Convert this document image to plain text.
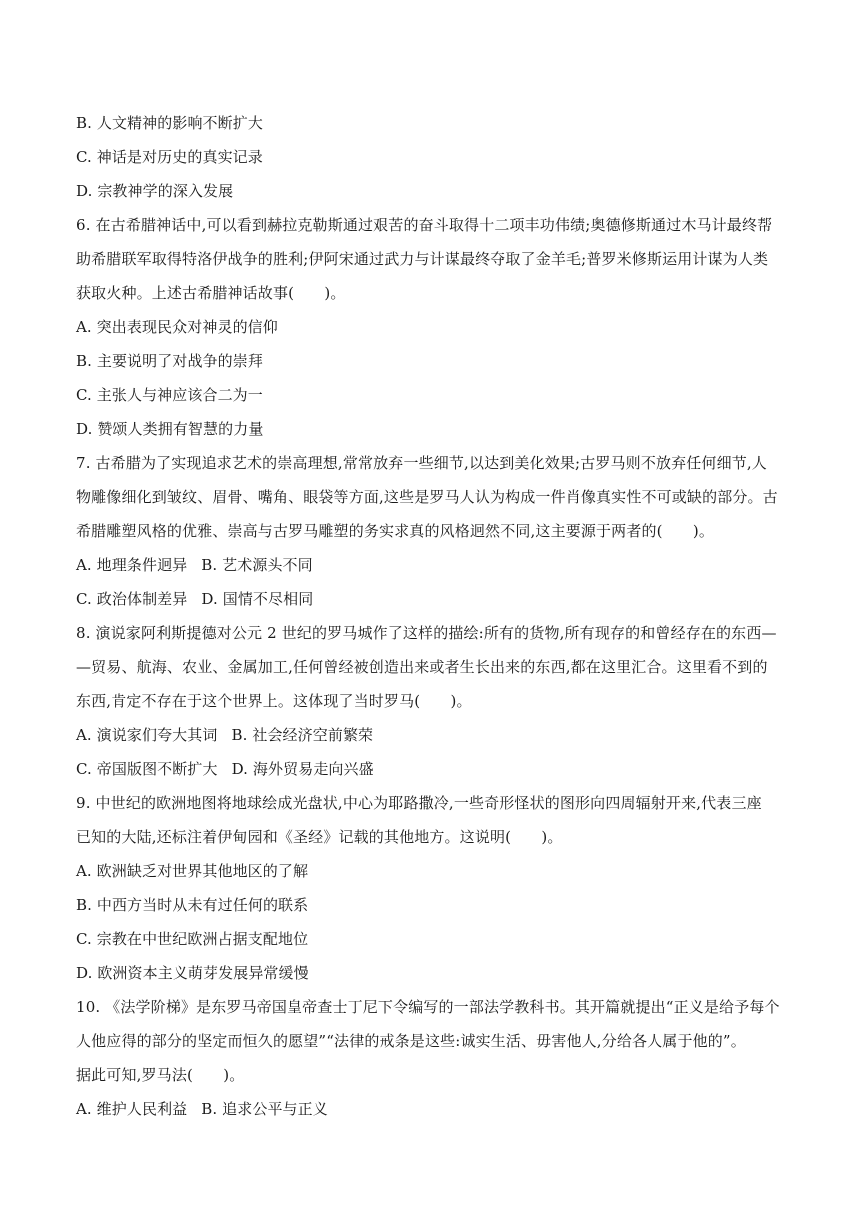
B. 人文精神的影响不断扩大
C. 神话是对历史的真实记录
D. 宗教神学的深入发展
6. 在古希腊神话中,可以看到赫拉克勒斯通过艰苦的奋斗取得十二项丰功伟绩;奥德修斯通过木马计最终帮
助希腊联军取得特洛伊战争的胜利;伊阿宋通过武力与计谋最终夺取了金羊毛;普罗米修斯运用计谋为人类
获取火种。上述古希腊神话故事(　　)。
A. 突出表现民众对神灵的信仰
B. 主要说明了对战争的崇拜
C. 主张人与神应该合二为一
D. 赞颂人类拥有智慧的力量
7. 古希腊为了实现追求艺术的崇高理想,常常放弃一些细节,以达到美化效果;古罗马则不放弃任何细节,人
物雕像细化到皱纹、眉骨、嘴角、眼袋等方面,这些是罗马人认为构成一件肖像真实性不可或缺的部分。古
希腊雕塑风格的优雅、崇高与古罗马雕塑的务实求真的风格迥然不同,这主要源于两者的(　　)。
A. 地理条件迥异 B. 艺术源头不同
C. 政治体制差异 D. 国情不尽相同
8. 演说家阿利斯提德对公元 2 世纪的罗马城作了这样的描绘:所有的货物,所有现存的和曾经存在的东西—
—贸易、航海、农业、金属加工,任何曾经被创造出来或者生长出来的东西,都在这里汇合。这里看不到的
东西,肯定不存在于这个世界上。这体现了当时罗马(　　)。
A. 演说家们夸大其词 B. 社会经济空前繁荣
C. 帝国版图不断扩大 D. 海外贸易走向兴盛
9. 中世纪的欧洲地图将地球绘成光盘状,中心为耶路撒冷,一些奇形怪状的图形向四周辐射开来,代表三座
已知的大陆,还标注着伊甸园和《圣经》记载的其他地方。这说明(　　)。
A. 欧洲缺乏对世界其他地区的了解
B. 中西方当时从未有过任何的联系
C. 宗教在中世纪欧洲占据支配地位
D. 欧洲资本主义萌芽发展异常缓慢
10. 《法学阶梯》是东罗马帝国皇帝查士丁尼下令编写的一部法学教科书。其开篇就提出“正义是给予每个
人他应得的部分的坚定而恒久的愿望”“法律的戒条是这些:诚实生活、毋害他人,分给各人属于他的”。
据此可知,罗马法(　　)。
A. 维护人民利益 B. 追求公平与正义
